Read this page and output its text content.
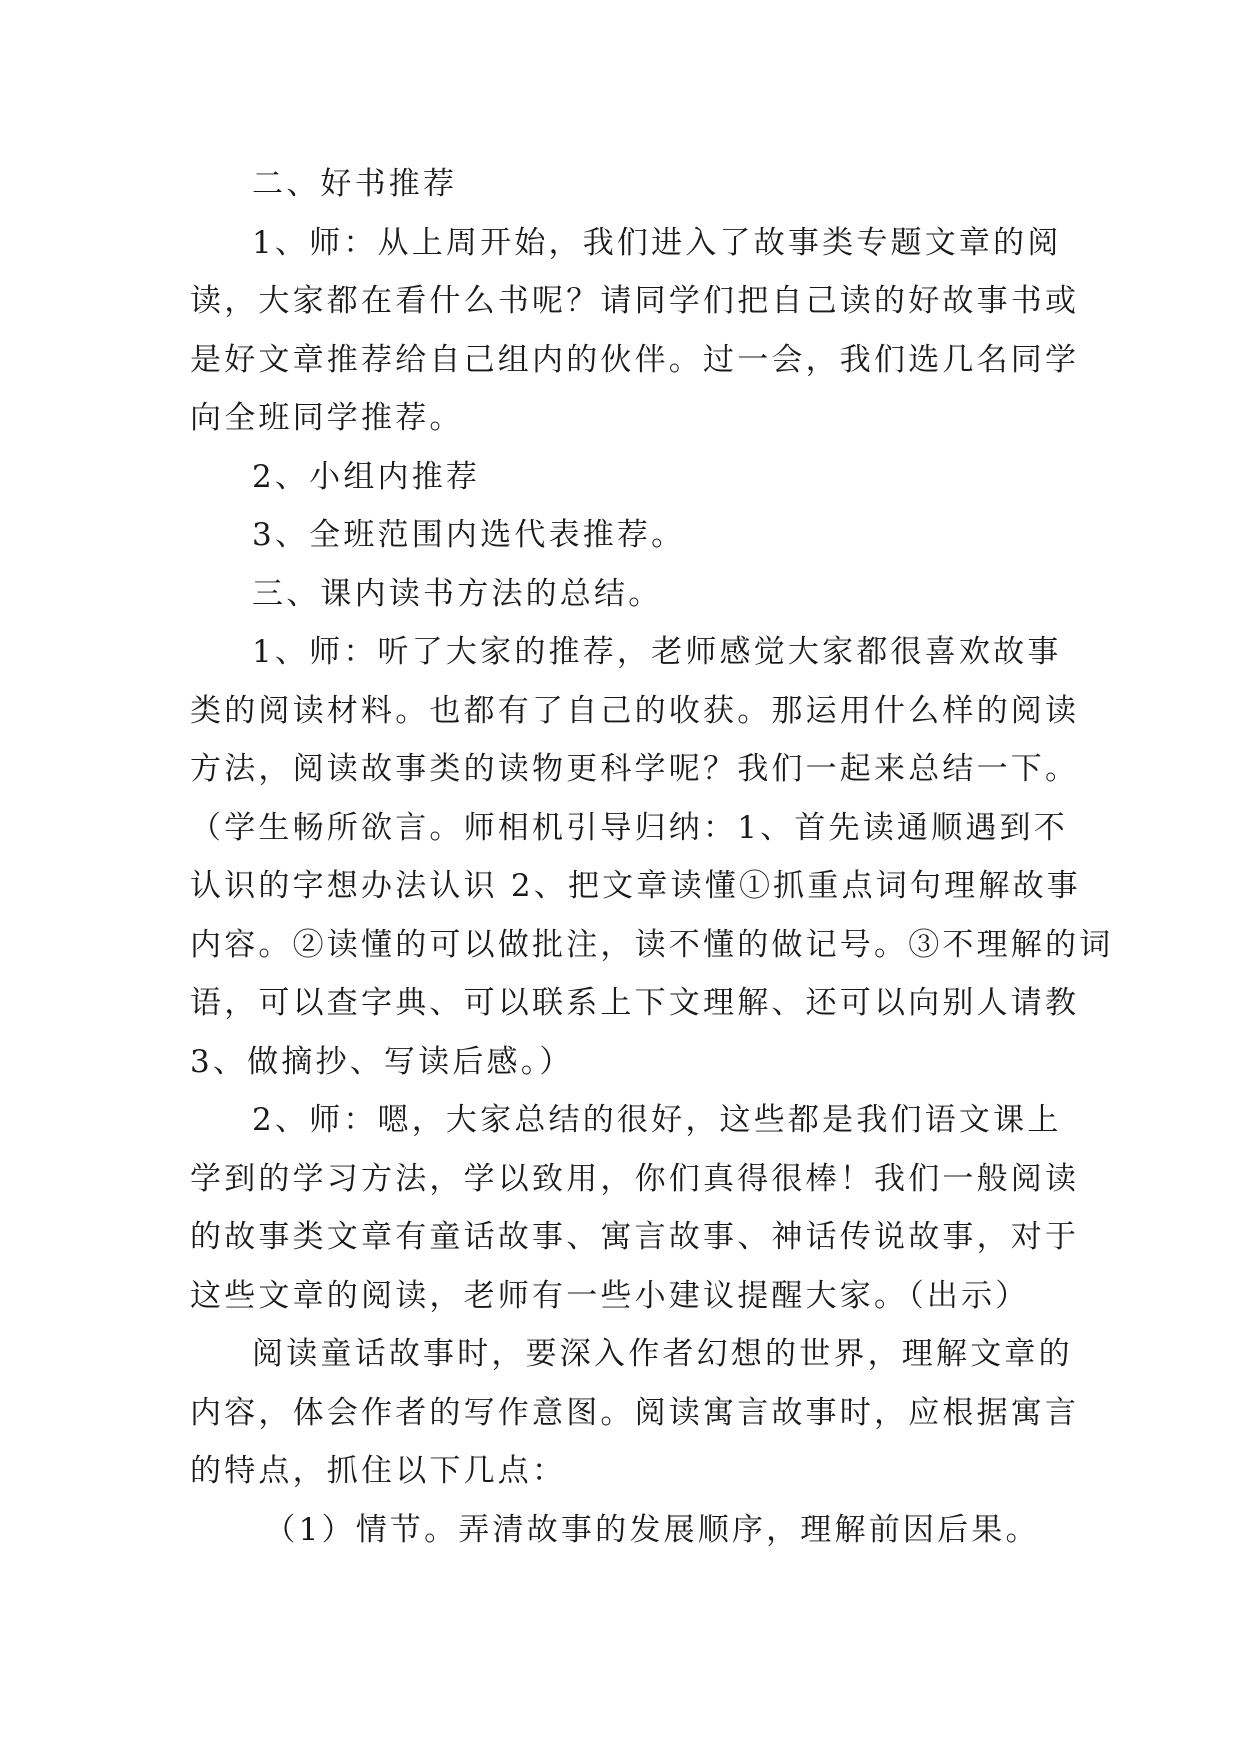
二、好书推荐

1、师：从上周开始，我们进入了故事类专题文章的阅
读，大家都在看什么书呢？请同学们把自己读的好故事书或
是好文章推荐给自己组内的伙伴。过一会，我们选几名同学
向全班同学推荐。

2、小组内推荐

3、全班范围内选代表推荐。

三、课内读书方法的总结。

1、师：听了大家的推荐，老师感觉大家都很喜欢故事
类的阅读材料。也都有了自己的收获。那运用什么样的阅读
方法，阅读故事类的读物更科学呢？我们一起来总结一下。
（学生畅所欲言。师相机引导归纳：1、首先读通顺遇到不
认识的字想办法认识 2、把文章读懂①抓重点词句理解故事
内容。②读懂的可以做批注，读不懂的做记号。③不理解的词
语，可以查字典、可以联系上下文理解、还可以向别人请教
3、做摘抄、写读后感。）

2、师：嗯，大家总结的很好，这些都是我们语文课上
学到的学习方法，学以致用，你们真得很棒！我们一般阅读
的故事类文章有童话故事、寓言故事、神话传说故事，对于
这些文章的阅读，老师有一些小建议提醒大家。（出示）

阅读童话故事时，要深入作者幻想的世界，理解文章的
内容，体会作者的写作意图。阅读寓言故事时，应根据寓言
的特点，抓住以下几点：

（1）情节。弄清故事的发展顺序，理解前因后果。
